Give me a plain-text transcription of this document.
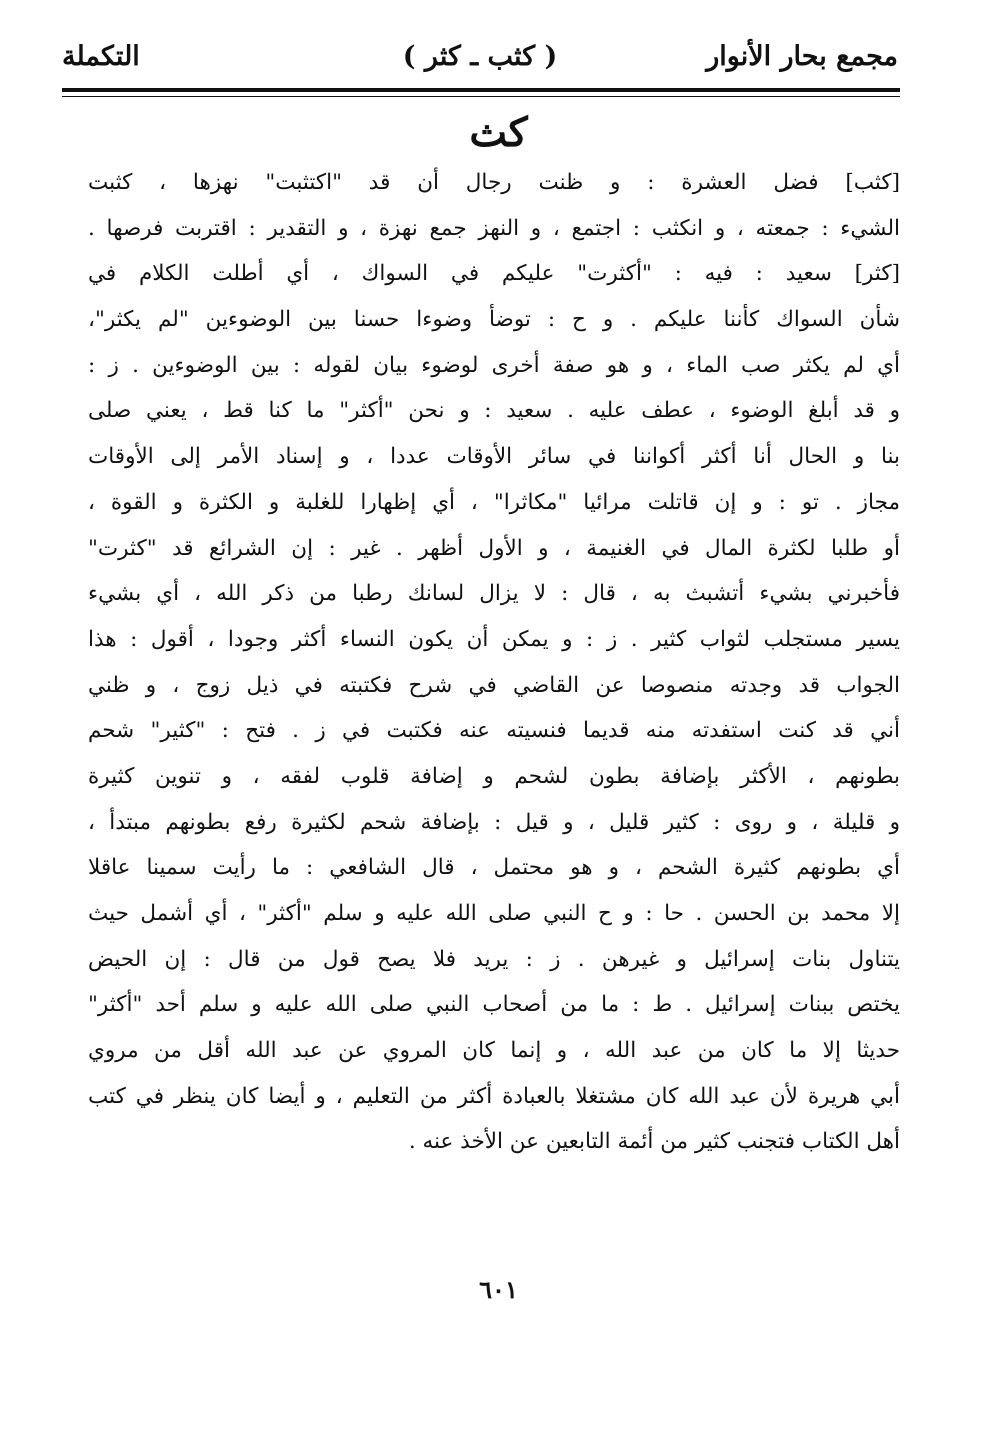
مجمع بحار الأنوار
( كثب ـ كثر )
التكملة
كث
[كثب] فضل العشرة : و ظنت رجال أن قد "اكتثبت" نهزها ، كثبت
الشيء : جمعته ، و انكثب : اجتمع ، و النهز جمع نهزة ، و التقدير : اقتربت فرصها .
[كثر] سعيد : فيه : "أكثرت" عليكم في السواك ، أي أطلت الكلام في
شأن السواك كأننا عليكم . و ح : توضأ وضوءا حسنا بين الوضوءين "لم يكثر"،
أي لم يكثر صب الماء ، و هو صفة أخرى لوضوء بيان لقوله : بين الوضوءين . ز :
و قد أبلغ الوضوء ، عطف عليه . سعيد : و نحن "أكثر" ما كنا قط ، يعني صلى
بنا و الحال أنا أكثر أكواننا في سائر الأوقات عددا ، و إسناد الأمر إلى الأوقات
مجاز . تو : و إن قاتلت مرائيا "مكاثرا" ، أي إظهارا للغلبة و الكثرة و القوة ،
أو طلبا لكثرة المال في الغنيمة ، و الأول أظهر . غير : إن الشرائع قد "كثرت"
فأخبرني بشيء أتشبث به ، قال : لا يزال لسانك رطبا من ذكر الله ، أي بشيء
يسير مستجلب لثواب كثير . ز : و يمكن أن يكون النساء أكثر وجودا ، أقول : هذا
الجواب قد وجدته منصوصا عن القاضي في شرح فكتبته في ذيل زوج ، و ظني
أني قد كنت استفدته منه قديما فنسيته عنه فكتبت في ز . فتح : "كثير" شحم
بطونهم ، الأكثر بإضافة بطون لشحم و إضافة قلوب لفقه ، و تنوين كثيرة
و قليلة ، و روى : كثير قليل ، و قيل : بإضافة شحم لكثيرة رفع بطونهم مبتدأ ،
أي بطونهم كثيرة الشحم ، و هو محتمل ، قال الشافعي : ما رأيت سمينا عاقلا
إلا محمد بن الحسن . حا : و ح النبي صلى الله عليه و سلم "أكثر" ، أي أشمل حيث
يتناول بنات إسرائيل و غيرهن . ز : يريد فلا يصح قول من قال : إن الحيض
يختص ببنات إسرائيل . ط : ما من أصحاب النبي صلى الله عليه و سلم أحد "أكثر"
حديثا إلا ما كان من عبد الله ، و إنما كان المروي عن عبد الله أقل من مروي
أبي هريرة لأن عبد الله كان مشتغلا بالعبادة أكثر من التعليم ، و أيضا كان ينظر في كتب
أهل الكتاب فتجنب كثير من أئمة التابعين عن الأخذ عنه .
٦٠١
